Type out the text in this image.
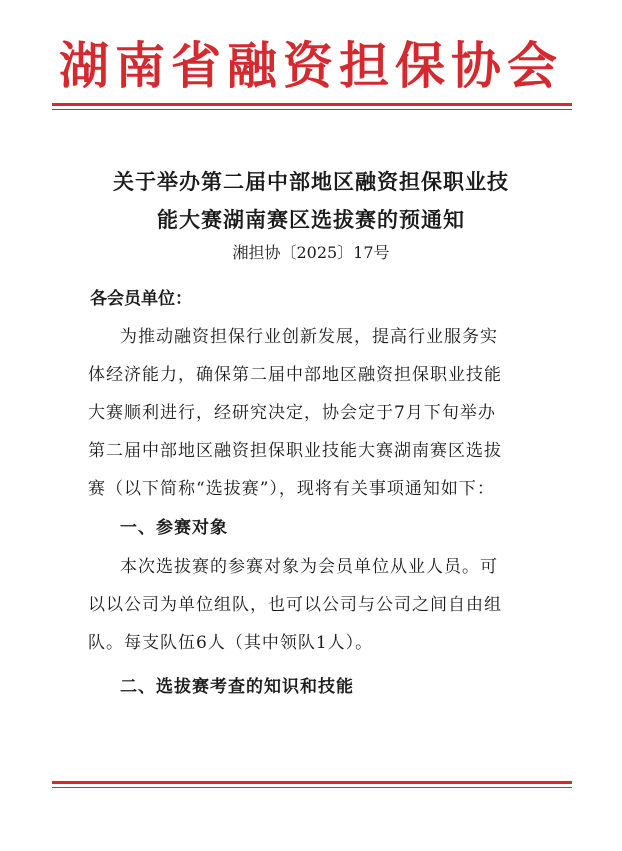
湖南省融资担保协会
关于举办第二届中部地区融资担保职业技
能大赛湖南赛区选拔赛的预通知
湘担协〔2025〕17号
各会员单位：
为推动融资担保行业创新发展，提高行业服务实
体经济能力，确保第二届中部地区融资担保职业技能
大赛顺利进行，经研究决定，协会定于7月下旬举办
第二届中部地区融资担保职业技能大赛湖南赛区选拔
赛（以下简称“选拔赛”），现将有关事项通知如下：
一、参赛对象
本次选拔赛的参赛对象为会员单位从业人员。可
以以公司为单位组队，也可以公司与公司之间自由组
队。每支队伍6人（其中领队1人）。
二、选拔赛考查的知识和技能
